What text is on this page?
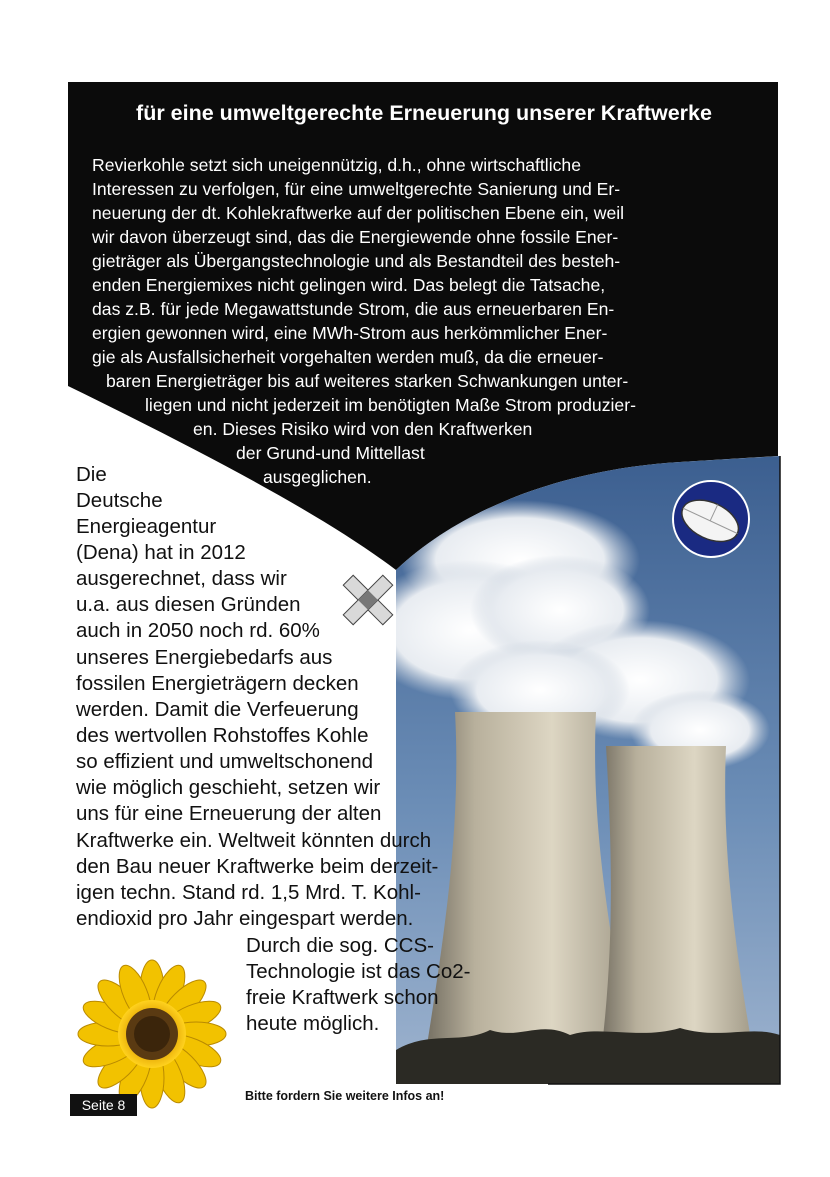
für eine umweltgerechte Erneuerung unserer Kraftwerke

Revierkohle setzt sich uneigennützig, d.h., ohne wirtschaftliche

Interessen zu verfolgen, für eine umweltgerechte Sanierung und Er-

neuerung der dt. Kohlekraftwerke auf der politischen Ebene ein, weil

wir davon überzeugt sind, das die Energiewende ohne fossile Ener-

gieträger als Übergangstechnologie und als Bestandteil des besteh-

enden Energiemixes nicht gelingen wird. Das belegt die Tatsache,

das z.B. für jede Megawattstunde Strom, die aus erneuerbaren En-

ergien gewonnen wird, eine MWh-Strom aus herkömmlicher Ener-

gie als Ausfallsicherheit vorgehalten werden muß, da die erneuer-

baren Energieträger bis auf weiteres starken Schwankungen unter-

liegen und nicht jederzeit im benötigten Maße Strom produzier-

en. Dieses Risiko wird von den Kraftwerken

der Grund-und Mittellast

ausgeglichen.

Die

Deutsche

Energieagentur

(Dena) hat in 2012

ausgerechnet, dass wir

u.a. aus diesen Gründen

auch in 2050 noch rd. 60%

unseres Energiebedarfs aus

fossilen Energieträgern decken

werden. Damit die Verfeuerung

des wertvollen Rohstoffes Kohle

so effizient und umweltschonend

wie möglich geschieht, setzen wir

uns für eine Erneuerung der alten

Kraftwerke ein. Weltweit könnten durch

den Bau neuer Kraftwerke beim derzeit-

igen techn. Stand rd. 1,5 Mrd. T. Kohl-

endioxid pro Jahr eingespart werden.

Durch die sog. CCS-

Technologie ist das Co2-

freie Kraftwerk schon

heute möglich.

Seite 8

Bitte fordern Sie weitere Infos an!
